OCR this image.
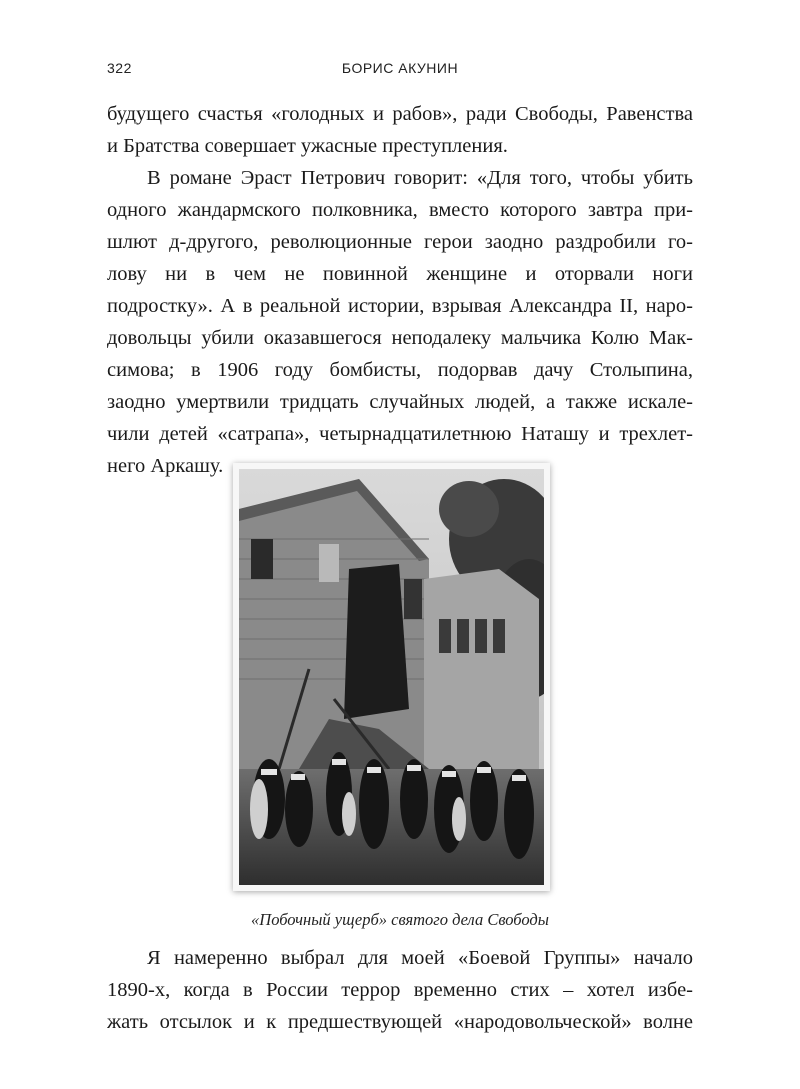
322	БОРИС АКУНИН

будущего счастья «голодных и рабов», ради Свободы, Равенства
и Братства совершает ужасные преступления.

В романе Эраст Петрович говорит: «Для того, чтобы убить
одного жандармского полковника, вместо которого завтра при-
шлют д-другого, революционные герои заодно раздробили го-
лову ни в чем не повинной женщине и оторвали ноги
подростку». А в реальной истории, взрывая Александра II, наро-
довольцы убили оказавшегося неподалеку мальчика Колю Мак-
симова; в 1906 году бомбисты, подорвав дачу Столыпина,
заодно умертвили тридцать случайных людей, а также искале-
чили детей «сатрапа», четырнадцатилетнюю Наташу и трехлет-
него Аркашу.

«Побочный ущерб» святого дела Свободы

Я намеренно выбрал для моей «Боевой Группы» начало
1890-х, когда в России террор временно стих – хотел избе-
жать отсылок и к предшествующей «народовольческой» волне
